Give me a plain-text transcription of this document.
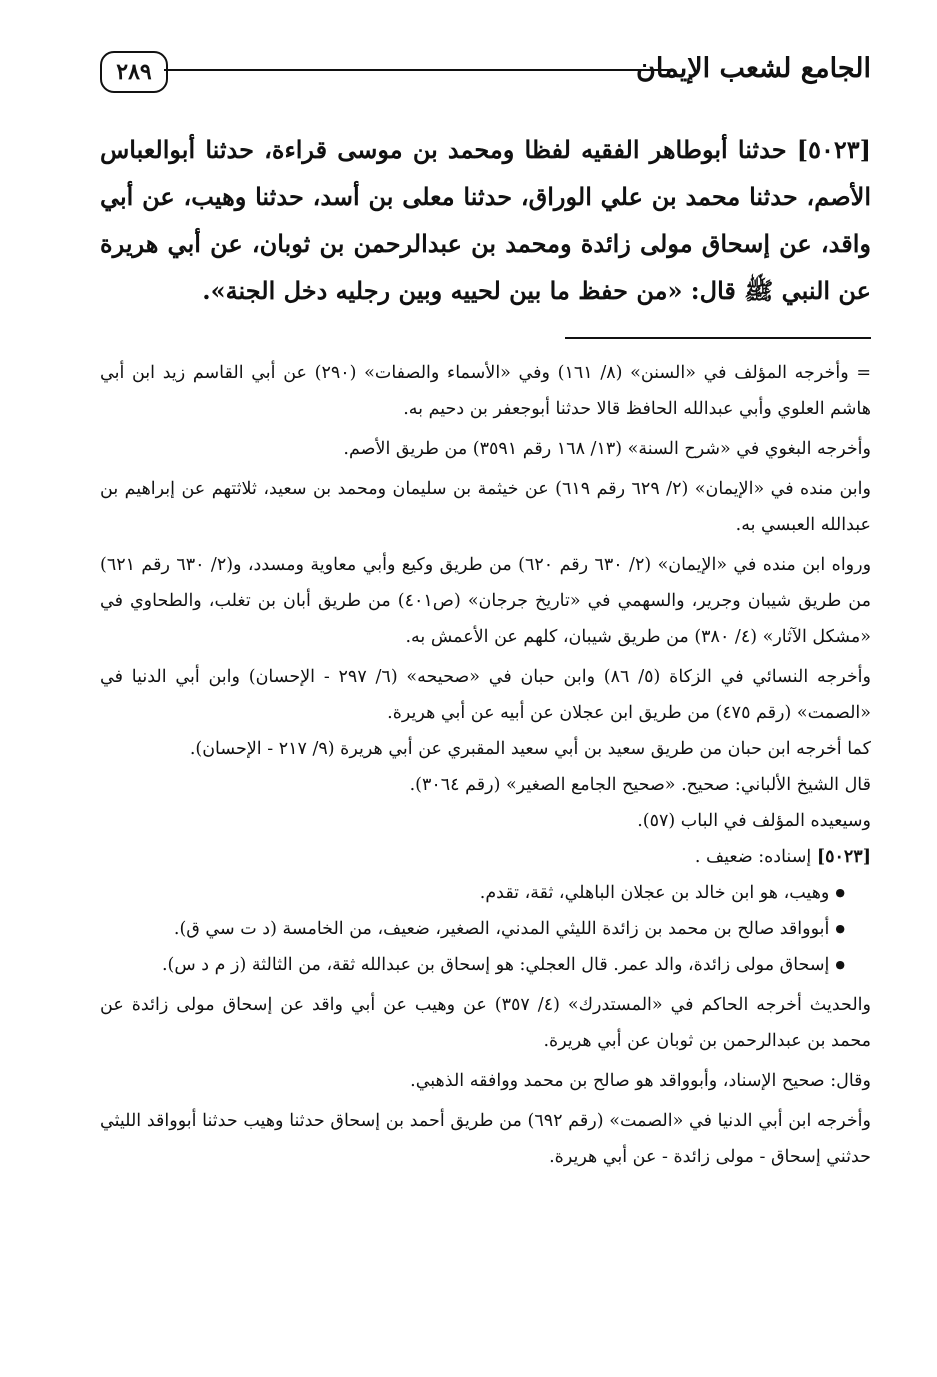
الجامع لشعب الإيمان
٢٨٩
[٥٠٢٣] حدثنا أبوطاهر الفقيه لفظا ومحمد بن موسى قراءة، حدثنا أبوالعباس الأصم، حدثنا محمد بن علي الوراق، حدثنا معلى بن أسد، حدثنا وهيب، عن أبي واقد، عن إسحاق مولى زائدة ومحمد بن عبدالرحمن بن ثوبان، عن أبي هريرة عن النبي ﷺ قال: «من حفظ ما بين لحييه وبين رجليه دخل الجنة».

= وأخرجه المؤلف في «السنن» (٨/ ١٦١) وفي «الأسماء والصفات» (٢٩٠) عن أبي القاسم زيد ابن أبي هاشم العلوي وأبي عبدالله الحافظ قالا حدثنا أبوجعفر بن دحيم به.

وأخرجه البغوي في «شرح السنة» (١٣/ ١٦٨ رقم ٣٥٩١) من طريق الأصم.

وابن منده في «الإيمان» (٢/ ٦٢٩ رقم ٦١٩) عن خيثمة بن سليمان ومحمد بن سعيد، ثلاثتهم عن إبراهيم بن عبدالله العبسي به.

ورواه ابن منده في «الإيمان» (٢/ ٦٣٠ رقم ٦٢٠) من طريق وكيع وأبي معاوية ومسدد، و(٢/ ٦٣٠ رقم ٦٢١) من طريق شيبان وجرير، والسهمي في «تاريخ جرجان» (ص٤٠١) من طريق أبان بن تغلب، والطحاوي في «مشكل الآثار» (٤/ ٣٨٠) من طريق شيبان، كلهم عن الأعمش به.

وأخرجه النسائي في الزكاة (٥/ ٨٦) وابن حبان في «صحيحه» (٦/ ٢٩٧ - الإحسان) وابن أبي الدنيا في «الصمت» (رقم ٤٧٥) من طريق ابن عجلان عن أبيه عن أبي هريرة.

كما أخرجه ابن حبان من طريق سعيد بن أبي سعيد المقبري عن أبي هريرة (٩/ ٢١٧ - الإحسان).

قال الشيخ الألباني: صحيح. «صحيح الجامع الصغير» (رقم ٣٠٦٤).

وسيعيده المؤلف في الباب (٥٧).

[٥٠٢٣] إسناده: ضعيف .

● وهيب، هو ابن خالد بن عجلان الباهلي، ثقة، تقدم.

● أبوواقد صالح بن محمد بن زائدة الليثي المدني، الصغير، ضعيف، من الخامسة (د ت سي ق).

● إسحاق مولى زائدة، والد عمر. قال العجلي: هو إسحاق بن عبدالله ثقة، من الثالثة (ز م د س).

والحديث أخرجه الحاكم في «المستدرك» (٤/ ٣٥٧) عن وهيب عن أبي واقد عن إسحاق مولى زائدة عن محمد بن عبدالرحمن بن ثوبان عن أبي هريرة.

وقال: صحيح الإسناد، وأبوواقد هو صالح بن محمد ووافقه الذهبي.

وأخرجه ابن أبي الدنيا في «الصمت» (رقم ٦٩٢) من طريق أحمد بن إسحاق حدثنا وهيب حدثنا أبوواقد الليثي حدثني إسحاق - مولى زائدة - عن أبي هريرة.
